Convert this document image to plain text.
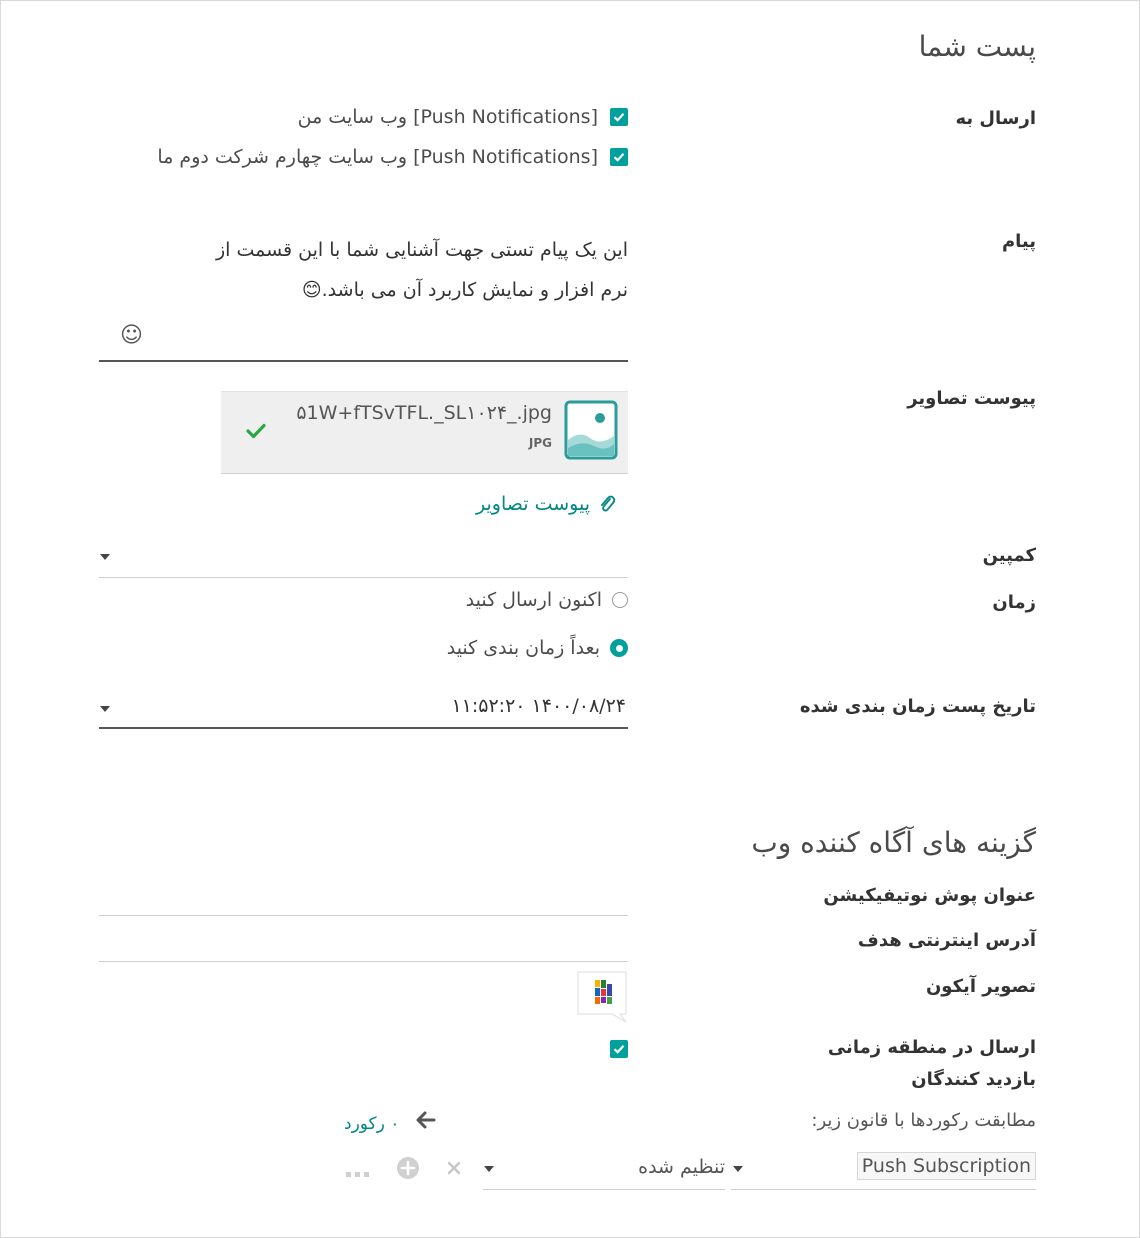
پست شما
ارسال به
[Push Notifications] وب سایت من
[Push Notifications] وب سایت چهارم شرکت دوم ما
پیام
این یک پیام تستی جهت آشنایی شما با این قسمت از
نرم افزار و نمایش کاربرد آن می باشد.😊
☺
پیوست تصاویر
۵1W+fTSvTFL._SL۱۰۲۴_.jpg
JPG
پیوست تصاویر
کمپین
زمان
اکنون ارسال کنید
بعداً زمان بندی کنید
تاریخ پست زمان بندی شده
۱۴۰۰/۰۸/۲۴ ۱۱:۵۲:۲۰
گزینه های آگاه کننده وب
عنوان پوش نوتیفیکیشن
آدرس اینترنتی هدف
تصویر آیکون
ارسال در منطقه زمانی
بازدید کنندگان
مطابقت رکوردها با قانون زیر:
۰ رکورد
Push Subscription
تنظیم شده
